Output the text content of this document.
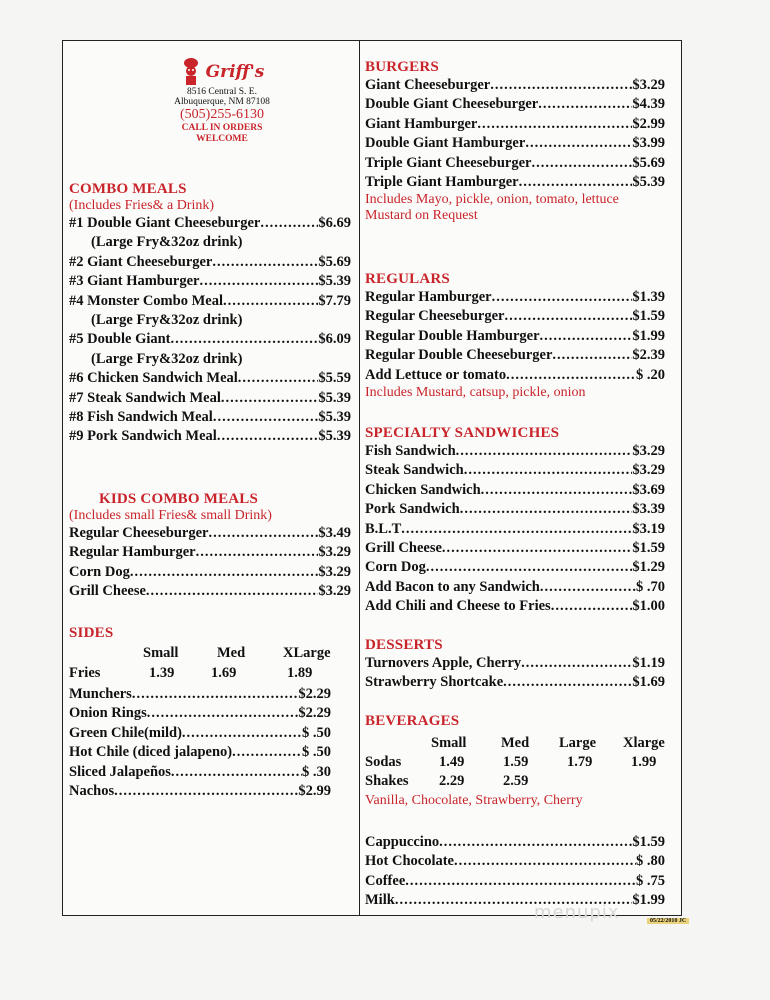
Griff's
8516 Central S. E.
Albuquerque, NM 87108
(505)255-6130
CALL IN ORDERS
WELCOME
COMBO MEALS
(Includes Fries& a Drink)
#1 Double Giant Cheeseburger .....	$6.69
(Large Fry&32oz drink)
#2 Giant Cheeseburger .....	$5.69
#3 Giant Hamburger .....	$5.39
#4 Monster Combo Meal .....	$7.79
(Large Fry&32oz drink)
#5 Double Giant .....	$6.09
(Large Fry&32oz drink)
#6 Chicken Sandwich Meal .....	$5.59
#7 Steak Sandwich Meal .....	$5.39
#8 Fish Sandwich Meal .....	$5.39
#9 Pork Sandwich Meal .....	$5.39
KIDS COMBO MEALS
(Includes small Fries& small Drink)
Regular Cheeseburger .....	$3.49
Regular Hamburger .....	$3.29
Corn Dog .....	$3.29
Grill Cheese .....	$3.29
SIDES
Small	Med	XLarge
Fries	1.39	1.69	1.89
Munchers .....	$2.29
Onion Rings .....	$2.29
Green Chile(mild) .....	$ .50
Hot Chile (diced jalapeno) .....	$ .50
Sliced Jalapeños .....	$ .30
Nachos .....	$2.99
BURGERS
Giant Cheeseburger .....	$3.29
Double Giant Cheeseburger .....	$4.39
Giant Hamburger .....	$2.99
Double Giant Hamburger .....	$3.99
Triple Giant Cheeseburger .....	$5.69
Triple Giant Hamburger .....	$5.39
Includes Mayo, pickle, onion, tomato, lettuce
Mustard on Request
REGULARS
Regular Hamburger .....	$1.39
Regular Cheeseburger .....	$1.59
Regular Double Hamburger .....	$1.99
Regular Double Cheeseburger .....	$2.39
Add Lettuce or tomato .....	$ .20
Includes Mustard, catsup, pickle, onion
SPECIALTY SANDWICHES
Fish Sandwich .....	$3.29
Steak Sandwich .....	$3.29
Chicken Sandwich .....	$3.69
Pork Sandwich .....	$3.39
B.L.T .....	$3.19
Grill Cheese .....	$1.59
Corn Dog .....	$1.29
Add Bacon to any Sandwich .....	$ .70
Add Chili and Cheese to Fries .....	$1.00
DESSERTS
Turnovers Apple, Cherry .....	$1.19
Strawberry Shortcake .....	$1.69
BEVERAGES
Small Med Large Xlarge
Sodas	1.49	1.59	1.79	1.99
Shakes 2.29	2.59
Vanilla, Chocolate, Strawberry, Cherry
Cappuccino .....	$1.59
Hot Chocolate .....	$ .80
Coffee .....	$ .75
Milk .....	$1.99
menupix	05/22/2010 JC
